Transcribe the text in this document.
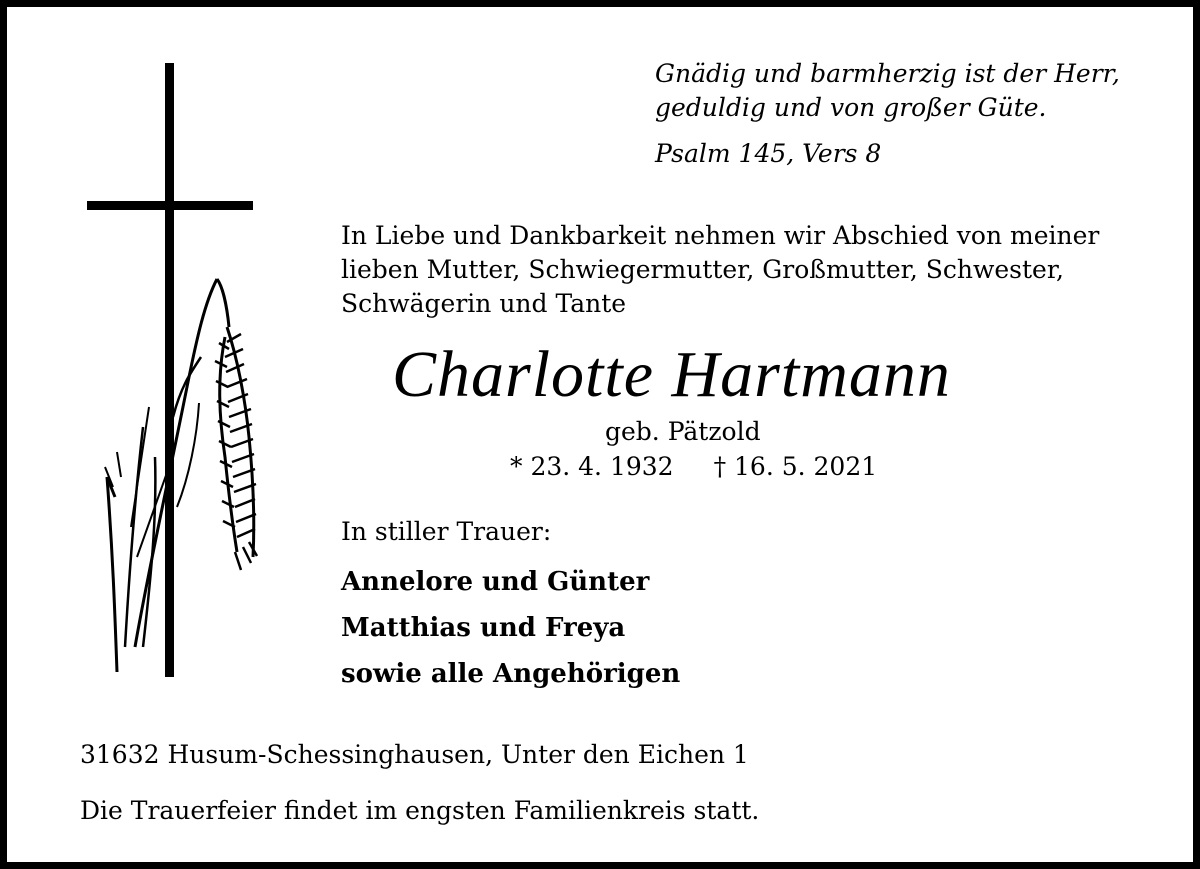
Gnädig und barmherzig ist der Herr,
geduldig und von großer Güte.
Psalm 145, Vers 8
In Liebe und Dankbarkeit nehmen wir Abschied von meiner
lieben Mutter, Schwiegermutter, Großmutter, Schwester,
Schwägerin und Tante
Charlotte Hartmann
geb. Pätzold
* 23. 4. 1932 † 16. 5. 2021
In stiller Trauer:
Annelore und Günter
Matthias und Freya
sowie alle Angehörigen
31632 Husum-Schessinghausen, Unter den Eichen 1
Die Trauerfeier findet im engsten Familienkreis statt.
